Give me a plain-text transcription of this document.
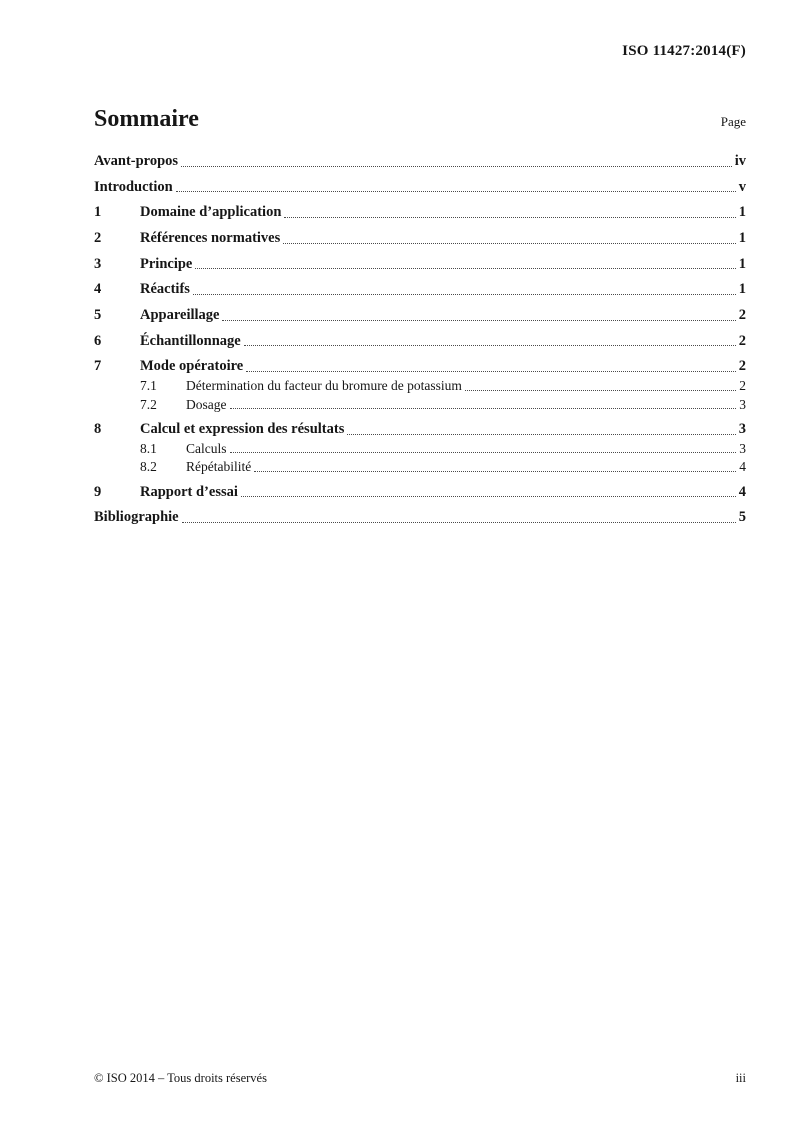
ISO 11427:2014(F)
Sommaire	Page
Avant-propos	iv
Introduction	v
1	Domaine d’application	1
2	Références normatives	1
3	Principe	1
4	Réactifs	1
5	Appareillage	2
6	Échantillonnage	2
7	Mode opératoire	2
7.1	Détermination du facteur du bromure de potassium	2
7.2	Dosage	3
8	Calcul et expression des résultats	3
8.1	Calculs	3
8.2	Répétabilité	4
9	Rapport d’essai	4
Bibliographie	5
© ISO 2014 – Tous droits réservés	iii
